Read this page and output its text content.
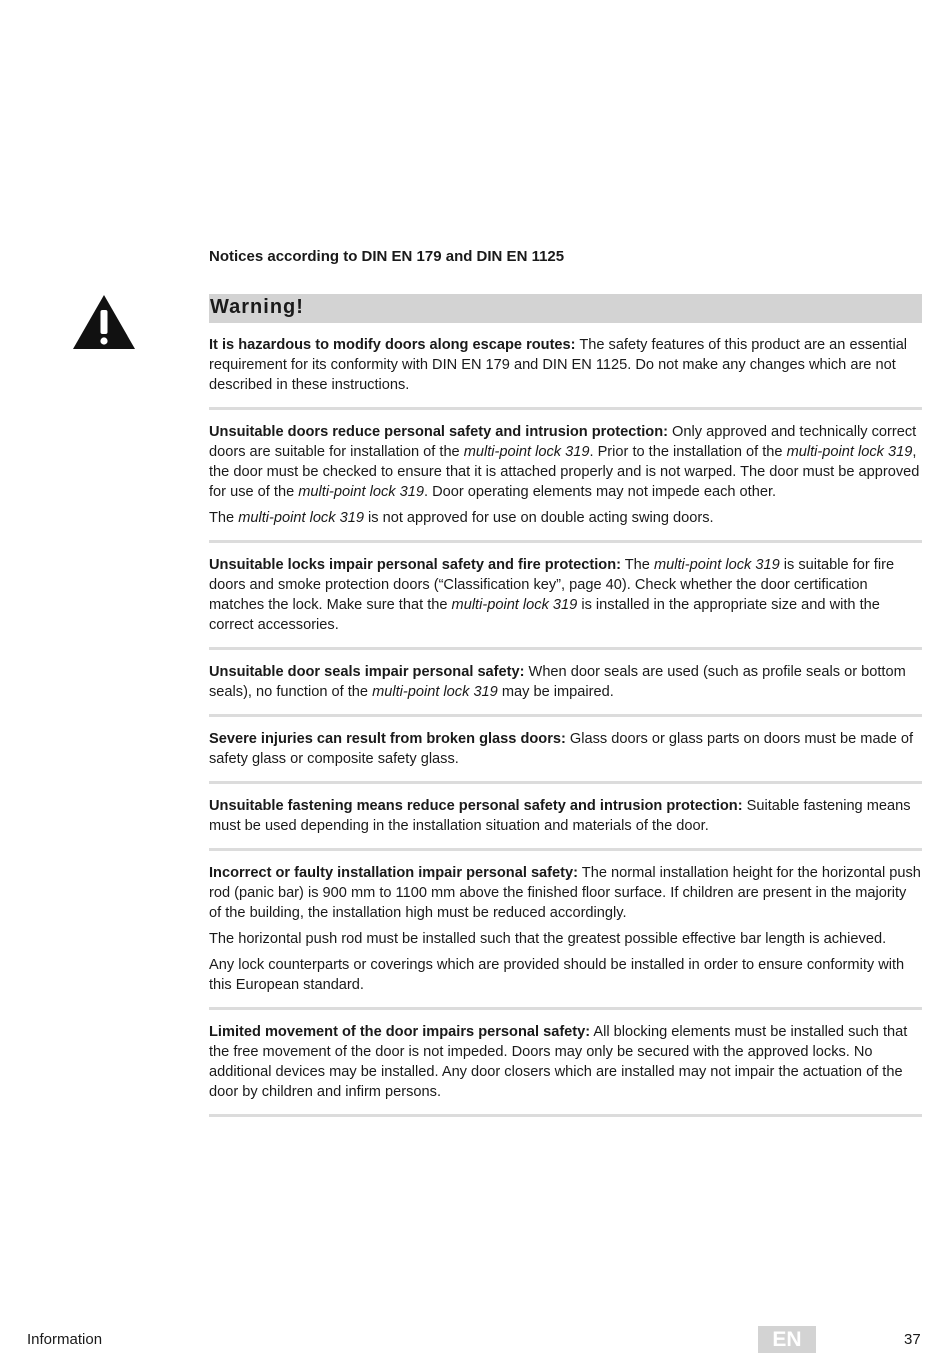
Notices according to DIN EN 179 and DIN EN 1125
Warning!

It is hazardous to modify doors along escape routes: The safety features of this product are an essential requirement for its conformity with DIN EN 179 and DIN EN 1125. Do not make any changes which are not described in these instructions.

Unsuitable doors reduce personal safety and intrusion protection: Only approved and technically correct doors are suitable for installation of the multi-point lock 319. Prior to the installation of the multi-point lock 319, the door must be checked to ensure that it is attached properly and is not warped. The door must be approved for use of the multi-point lock 319. Door operating elements may not impede each other.

The multi-point lock 319 is not approved for use on double acting swing doors.

Unsuitable locks impair personal safety and fire protection: The multi-point lock 319 is suitable for fire doors and smoke protection doors (“Classification key”, page 40). Check whether the door certification matches the lock. Make sure that the multi-point lock 319 is installed in the appropriate size and with the correct accessories.

Unsuitable door seals impair personal safety: When door seals are used (such as profile seals or bottom seals), no function of the multi-point lock 319 may be impaired.

Severe injuries can result from broken glass doors: Glass doors or glass parts on doors must be made of safety glass or composite safety glass.

Unsuitable fastening means reduce personal safety and intrusion protection: Suitable fastening means must be used depending in the installation situation and materials of the door.

Incorrect or faulty installation impair personal safety: The normal installation height for the horizontal push rod (panic bar) is 900 mm to 1100 mm above the finished floor surface. If children are present in the majority of the building, the installation high must be reduced accordingly.

The horizontal push rod must be installed such that the greatest possible effective bar length is achieved.

Any lock counterparts or coverings which are provided should be installed in order to ensure conformity with this European standard.

Limited movement of the door impairs personal safety: All blocking elements must be installed such that the free movement of the door is not impeded. Doors may only be secured with the approved locks. No additional devices may be installed. Any door closers which are installed may not impair the actuation of the door by children and infirm persons.

Information	EN	37
